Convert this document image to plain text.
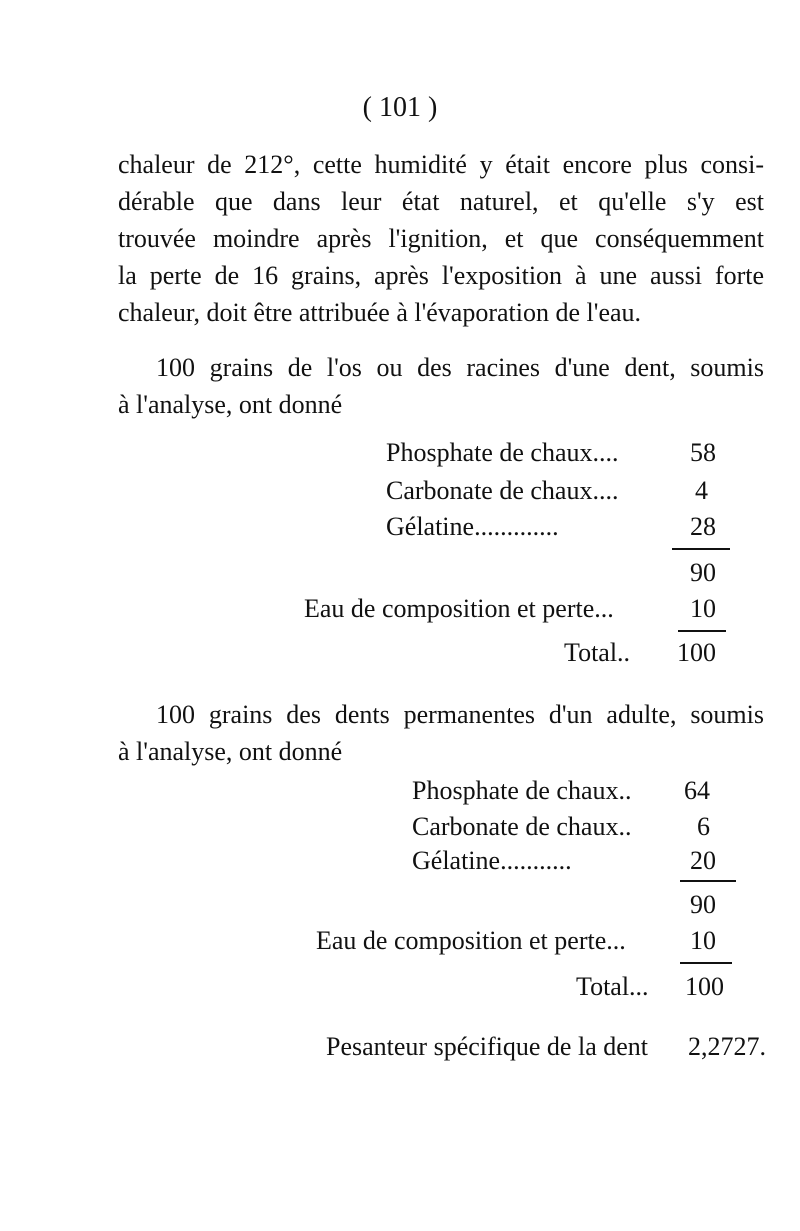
( 101 )
chaleur de 212°, cette humidité y était encore plus consi-
dérable que dans leur état naturel, et qu'elle s'y est
trouvée moindre après l'ignition, et que conséquemment
la perte de 16 grains, après l'exposition à une aussi forte
chaleur, doit être attribuée à l'évaporation de l'eau.
100 grains de l'os ou des racines d'une dent, soumis
à l'analyse, ont donné
Phosphate de chaux....	58
Carbonate de chaux....	4
Gélatine.............	28
90
Eau de composition et perte...	10
Total.. 100
100 grains des dents permanentes d'un adulte, soumis
à l'analyse, ont donné
Phosphate de chaux.. 64
Carbonate de chaux..	6
Gélatine...........	20
90
Eau de composition et perte... 10
Total... 100
Pesanteur spécifique de la dent 2,2727.
